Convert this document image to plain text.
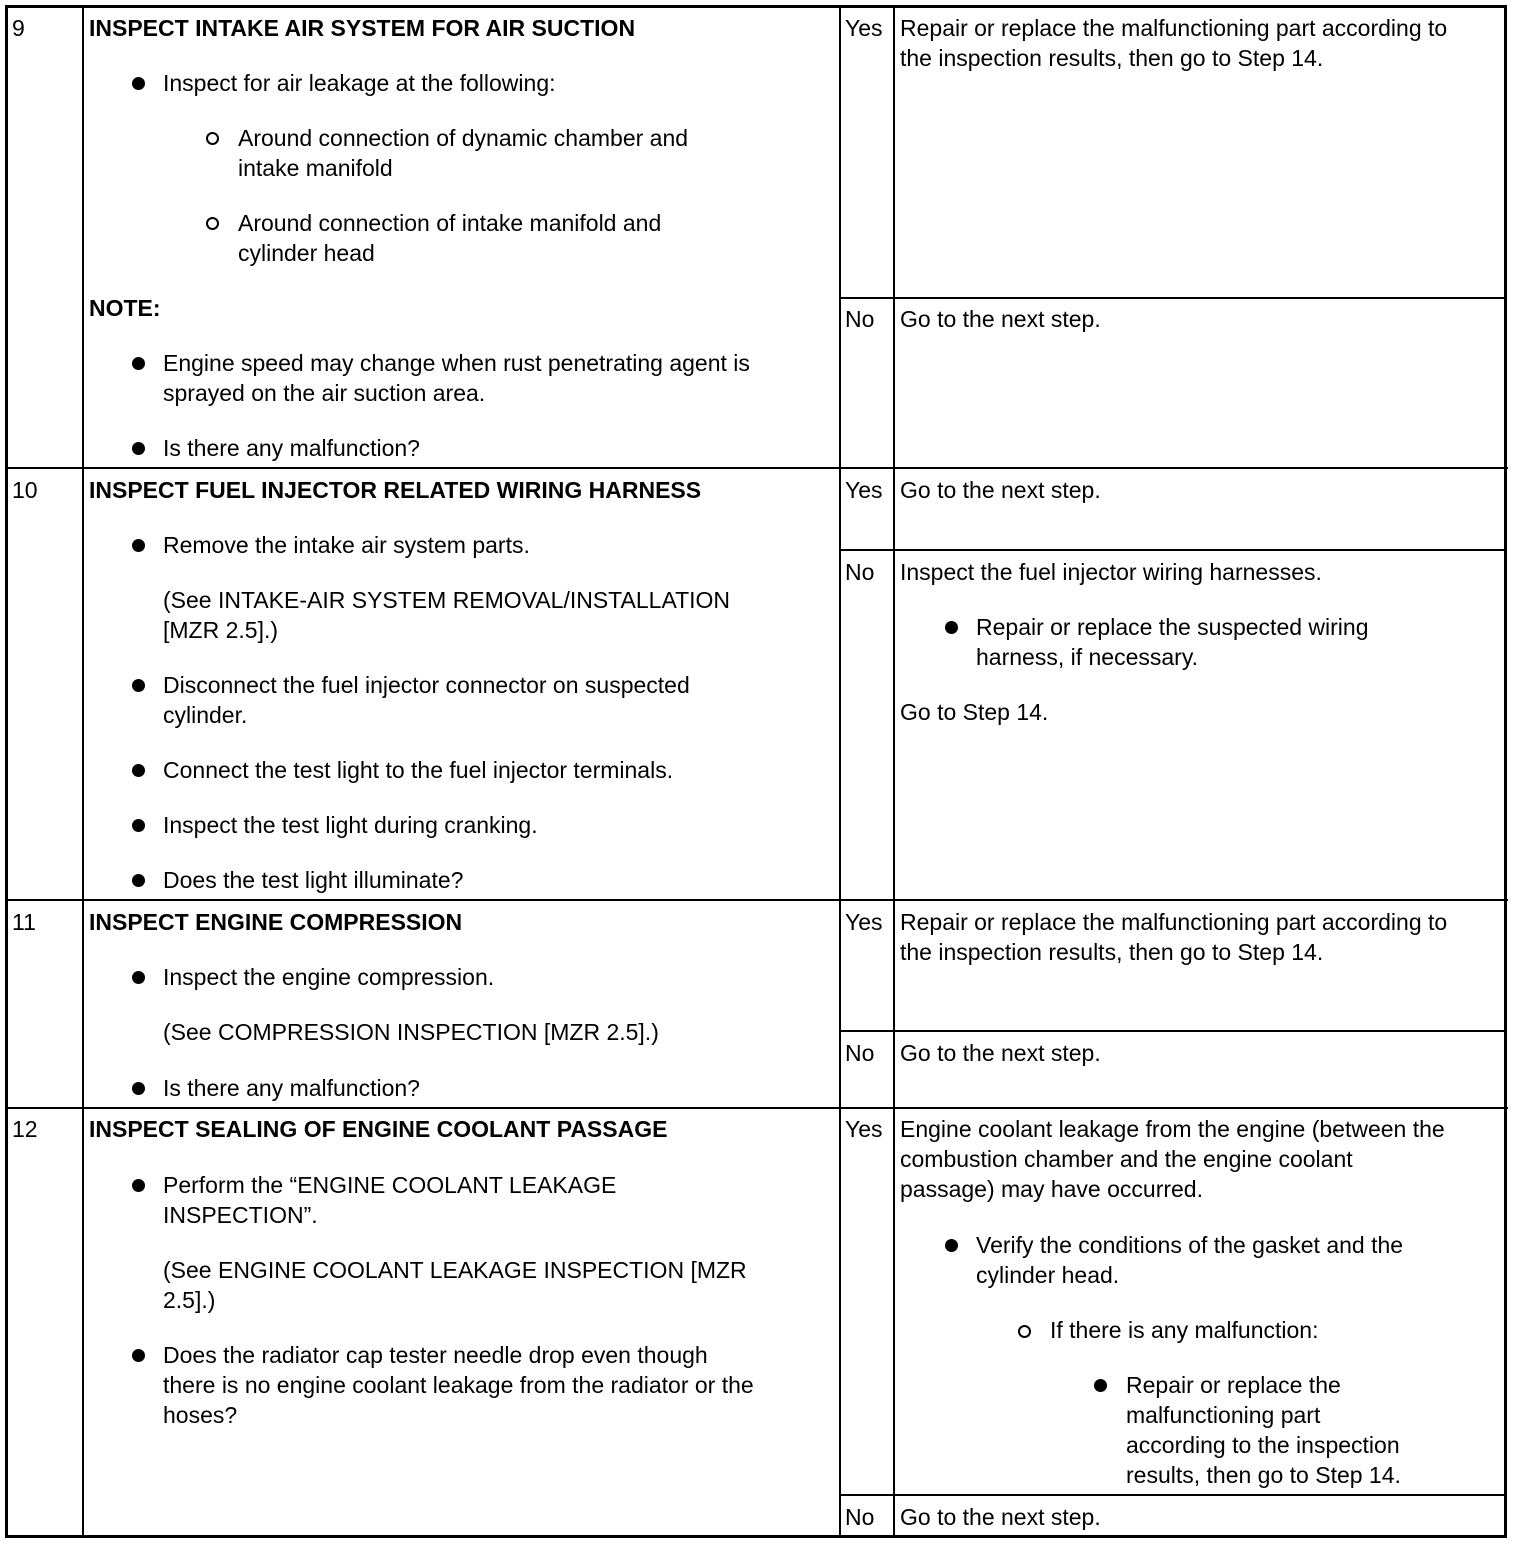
9	INSPECT INTAKE AIR SYSTEM FOR AIR SUCTION
Inspect for air leakage at the following:
Around connection of dynamic chamber and
intake manifold
Around connection of intake manifold and
cylinder head
NOTE:
Engine speed may change when rust penetrating agent is
sprayed on the air suction area.
Is there any malfunction?
Yes Repair or replace the malfunctioning part according to
the inspection results, then go to Step 14.
No Go to the next step.
10 INSPECT FUEL INJECTOR RELATED WIRING HARNESS
Remove the intake air system parts.
(See INTAKE-AIR SYSTEM REMOVAL/INSTALLATION
[MZR 2.5].)
Disconnect the fuel injector connector on suspected
cylinder.
Connect the test light to the fuel injector terminals.
Inspect the test light during cranking.
Does the test light illuminate?
Yes Go to the next step.
No Inspect the fuel injector wiring harnesses.
Repair or replace the suspected wiring
harness, if necessary.
Go to Step 14.
11 INSPECT ENGINE COMPRESSION
Inspect the engine compression.
(See COMPRESSION INSPECTION [MZR 2.5].)
Is there any malfunction?
Yes Repair or replace the malfunctioning part according to
the inspection results, then go to Step 14.
No Go to the next step.
12 INSPECT SEALING OF ENGINE COOLANT PASSAGE
Perform the “ENGINE COOLANT LEAKAGE
INSPECTION”.
(See ENGINE COOLANT LEAKAGE INSPECTION [MZR
2.5].)
Does the radiator cap tester needle drop even though
there is no engine coolant leakage from the radiator or the
hoses?
Yes Engine coolant leakage from the engine (between the
combustion chamber and the engine coolant
passage) may have occurred.
Verify the conditions of the gasket and the
cylinder head.
If there is any malfunction:
Repair or replace the
malfunctioning part
according to the inspection
results, then go to Step 14.
No Go to the next step.
